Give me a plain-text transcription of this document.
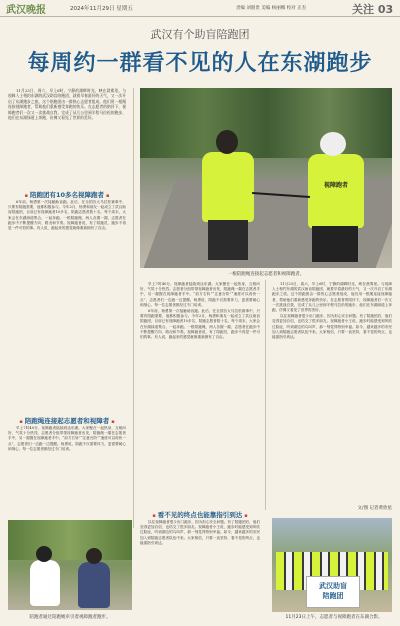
武汉晚报	2024年11月29日 星期五	责编 刘朋贵 美编 杨丽娜 校对 正杰	关注 03
武汉有个助盲陪跑团
每周约一群看不见的人在东湖跑步

11月23日，周六，早上6时，宁静的湖畔时光，映在晨雾里。与视障人士相约东湖的武汉助盲陪跑团，就着早春最好的天气，又一次开启了东湖跑步之旅。这个陪跑团由一群热心志愿者组成，他们用一根绳连接视障跑者，帮助他们重新感受奔跑的快乐。在志愿者的陪伴下，视障跑者们一次又一次挑战自我，完成了从几公里到半程马拉松的跑步，他们在东湖绿道上奔跑，仿佛又看见了世界的美好。

视障跑者
一根陪跑绳连接起志愿者和视障跑者。
▪ 陪跑团有10多名视障跑者 ▪

6年前，杨勇第一次接触助盲跑。此后，在全国各大马拉松赛事中，只要有陪跑需要，他都积极参与。今年2月，杨勇和朋友一起成立了武汉助盲陪跑团，目前已有视障跑者10多名、陪跑志愿者数十名。每个周末，大家会在东湖绿道集合，一起奔跑。一根陪跑绳，两人各握一端，志愿者在跑步中不断提醒方向、路况和节奏。视障跑者说，有了陪跑员，跑步不再是一件可怕的事。有人说，跑起来的感觉就像重新拥有了自由。

▪ 陪跑绳连接起志愿者和视障者 ▪

早上7时40分，视障跑者陆续到达东湖。大家聚在一起热身，互相问好，气氛十分热烈。志愿者分组带领视障跑者出发，陪跑绳一端在志愿者手中，另一端握在视障跑者手中。“前方右转”“注意台阶”“速度可以再快一点”，志愿者们一边跑一边提醒。杨勇说，陪跑不仅需要体力，更需要耐心和细心，每一位志愿者都经过专门培训。

早上7时40分，视障跑者陆续到达东湖。大家聚在一起热身，互相问好，气氛十分热烈。志愿者分组带领视障跑者出发，陪跑绳一端在志愿者手中，另一端握在视障跑者手中。“前方右转”“注意台阶”“速度可以再快一点”，志愿者们一边跑一边提醒。杨勇说，陪跑不仅需要体力，更需要耐心和细心，每一位志愿者都经过专门培训。

6年前，杨勇第一次接触助盲跑。此后，在全国各大马拉松赛事中，只要有陪跑需要，他都积极参与。今年2月，杨勇和朋友一起成立了武汉助盲陪跑团，目前已有视障跑者10多名、陪跑志愿者数十名。每个周末，大家会在东湖绿道集合，一起奔跑。一根陪跑绳，两人各握一端，志愿者在跑步中不断提醒方向、路况和节奏。视障跑者说，有了陪跑员，跑步不再是一件可怕的事。有人说，跑起来的感觉就像重新拥有了自由。

11月23日，周六，早上6时，宁静的湖畔时光，映在晨雾里。与视障人士相约东湖的武汉助盲陪跑团，就着早春最好的天气，又一次开启了东湖跑步之旅。这个陪跑团由一群热心志愿者组成，他们用一根绳连接视障跑者，帮助他们重新感受奔跑的快乐。在志愿者的陪伴下，视障跑者们一次又一次挑战自我，完成了从几公里到半程马拉松的跑步，他们在东湖绿道上奔跑，仿佛又看见了世界的美好。

以往视障跑者很少出门跑步，因为担心安全问题。有了陪跑团后，他们变得更加自信，也结交了很多朋友。视障跑者小王说，跑步时能感受到风吹过脸庞，听到湖边的鸟叫声，那一刻觉得特别幸福。如今，越来越多的市民加入到陪跑志愿者队伍中来。大家相信，只要一直坚持，看不见的终点，也能靠指引到达。

文/图 记者黄欣星
陪跑者通过陪跑绳牵引着视障跑者跑步。
▪ 看不见的终点也能靠指引到达 ▪

以往视障跑者很少出门跑步，因为担心安全问题。有了陪跑团后，他们变得更加自信，也结交了很多朋友。视障跑者小王说，跑步时能感受到风吹过脸庞，听到湖边的鸟叫声，那一刻觉得特别幸福。如今，越来越多的市民加入到陪跑志愿者队伍中来。大家相信，只要一直坚持，看不见的终点，也能靠指引到达。

武汉助盲
陪跑团
11月23日上午，志愿者与视障跑者在东湖合影。
